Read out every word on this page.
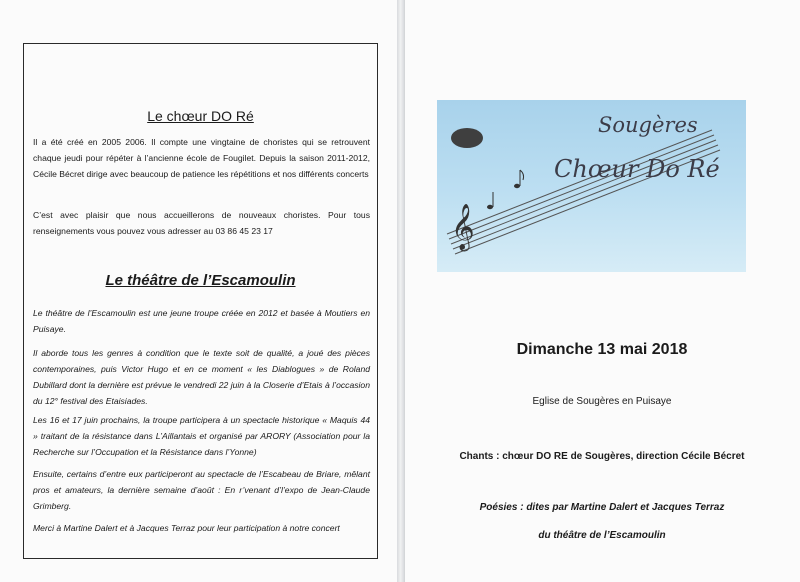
Le chœur DO Ré

Il a été créé en 2005 2006. Il compte une vingtaine de choristes qui se retrouvent chaque jeudi pour répéter à l’ancienne école de Fougilet. Depuis la saison 2011-2012, Cécile Bécret dirige avec beaucoup de patience les répétitions et nos différents concerts

C’est avec plaisir que nous accueillerons de nouveaux choristes. Pour tous renseignements vous pouvez vous adresser au 03 86 45 23 17

Le théâtre de l’Escamoulin

Le théâtre de l’Escamoulin est une jeune troupe créée en 2012 et basée à Moutiers en Puisaye.

Il aborde tous les genres à condition que le texte soit de qualité, a joué des pièces contemporaines, puis Victor Hugo et en ce moment « les Diablogues » de Roland Dubillard dont la dernière est prévue le vendredi 22 juin à la Closerie d’Etais à l’occasion du 12° festival des Etaisiades.

Les 16 et 17 juin prochains, la troupe participera à un spectacle historique « Maquis 44 » traitant de la résistance dans L’Aillantais et organisé par ARORY (Association pour la Recherche sur l’Occupation et la Résistance dans l’Yonne)

Ensuite, certains d’entre eux participeront au spectacle de l’Escabeau de Briare, mêlant pros et amateurs, la dernière semaine d’août : En r’venant d’l’expo de Jean-Claude Grimberg.

Merci à Martine Dalert et à Jacques Terraz pour leur participation à notre concert

𝄞
Sougères
Chœur Do Ré
Dimanche 13 mai 2018
Eglise de Sougères en Puisaye
Chants : chœur DO RE de Sougères, direction Cécile Bécret
Poésies : dites par Martine Dalert et Jacques Terraz
du théâtre de l’Escamoulin
